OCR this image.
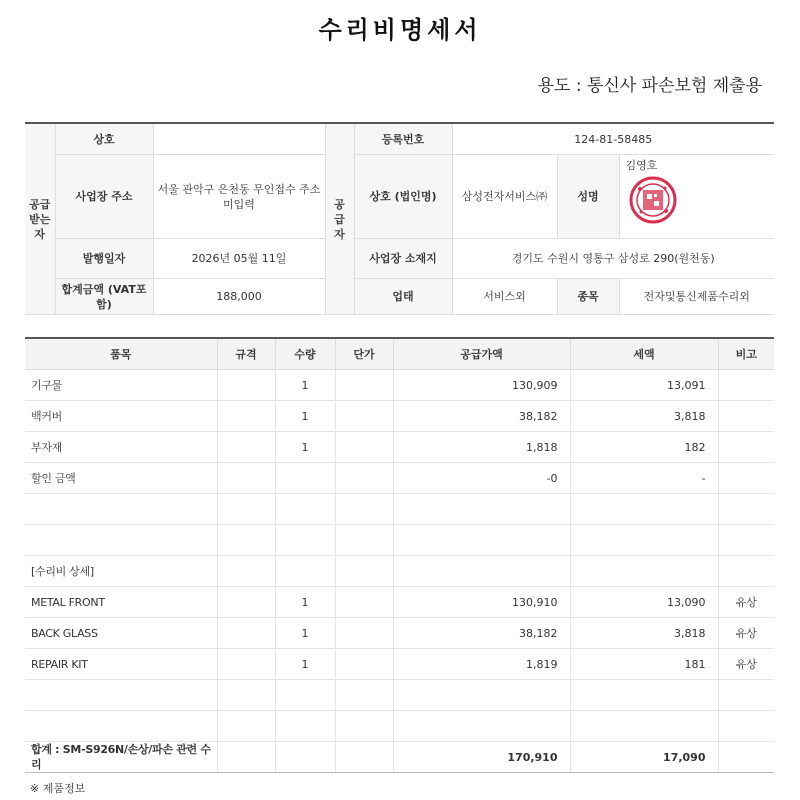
수리비명세서
용도 : 통신사 파손보험 제출용
공급받는자	상호		공급자	등록번호	124-81-58485		
	사업장 주소	서울 관악구 은천동 무인접수 주소 미입력		상호 (법인명)	삼성전자서비스㈜	성명	김영호

	발행일자	2026년 05월 11일		사업장 소재지	경기도 수원시 영통구 삼성로 290(원천동)		
	합계금액 (VAT포함)	188,000		업태	서비스외	종목	전자및통신제품수리외
품목	규격	수량	단가	공급가액	세액	비고
기구물		1		130,909	13,091	
백커버		1		38,182	3,818	
부자재		1		1,818	182	
할인 금액				-0	-	

[수리비 상세]						
METAL FRONT		1		130,910	13,090	유상
BACK GLASS		1		38,182	3,818	유상
REPAIR KIT		1		1,819	181	유상

합계 : SM-S926N/손상/파손 관련 수리				170,910	17,090	
※ 제품정보
